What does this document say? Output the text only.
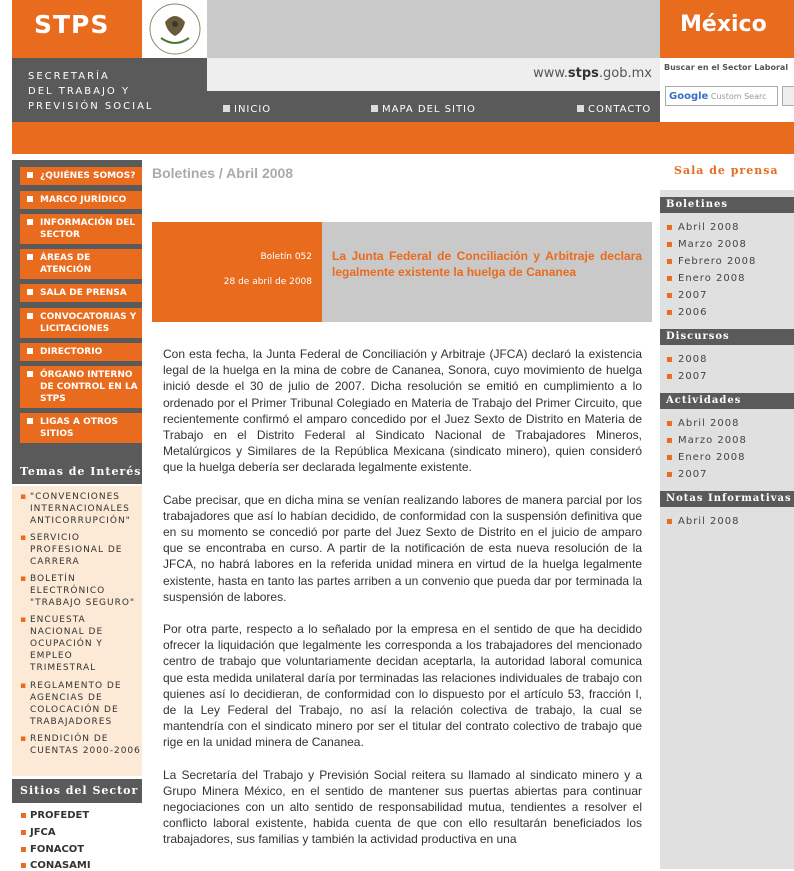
STPS	México
SECRETARÍA
DEL TRABAJO Y
PREVISIÓN SOCIAL
www.stps.gob.mx
INICIO	MAPA DEL SITIO	CONTACTO
Buscar en el Sector Laboral
Google Custom Searc
¿QUIÉNES SOMOS?
MARCO JURÍDICO
INFORMACIÓN DEL SECTOR
ÁREAS DE ATENCIÓN
SALA DE PRENSA
CONVOCATORIAS Y LICITACIONES
DIRECTORIO
ÓRGANO INTERNO DE CONTROL EN LA STPS
LIGAS A OTROS SITIOS
Temas de Interés
▪ "CONVENCIONES INTERNACIONALES ANTICORRUPCIÓN"
▪ SERVICIO PROFESIONAL DE CARRERA
▪ BOLETÍN ELECTRÓNICO "TRABAJO SEGURO"
▪ ENCUESTA NACIONAL DE OCUPACIÓN Y EMPLEO TRIMESTRAL
▪ REGLAMENTO DE AGENCIAS DE COLOCACIÓN DE TRABAJADORES
▪ RENDICIÓN DE CUENTAS 2000-2006
Sitios del Sector
▪ PROFEDET
▪ JFCA
▪ FONACOT
▪ CONASAMI
Boletines / Abril 2008
Boletín 052
28 de abril de 2008
La Junta Federal de Conciliación y Arbitraje declara legalmente existente la huelga de Cananea

Con esta fecha, la Junta Federal de Conciliación y Arbitraje (JFCA) declaró la existencia legal de la huelga en la mina de cobre de Cananea, Sonora, cuyo movimiento de huelga inició desde el 30 de julio de 2007. Dicha resolución se emitió en cumplimiento a lo ordenado por el Primer Tribunal Colegiado en Materia de Trabajo del Primer Circuito, que recientemente confirmó el amparo concedido por el Juez Sexto de Distrito en Materia de Trabajo en el Distrito Federal al Sindicato Nacional de Trabajadores Mineros, Metalúrgicos y Similares de la República Mexicana (sindicato minero), quien consideró que la huelga debería ser declarada legalmente existente.

Cabe precisar, que en dicha mina se venían realizando labores de manera parcial por los trabajadores que así lo habían decidido, de conformidad con la suspensión definitiva que en su momento se concedió por parte del Juez Sexto de Distrito en el juicio de amparo que se encontraba en curso. A partir de la notificación de esta nueva resolución de la JFCA, no habrá labores en la referida unidad minera en virtud de la huelga legalmente existente, hasta en tanto las partes arriben a un convenio que pueda dar por terminada la suspensión de labores.

Por otra parte, respecto a lo señalado por la empresa en el sentido de que ha decidido ofrecer la liquidación que legalmente les corresponda a los trabajadores del mencionado centro de trabajo que voluntariamente decidan aceptarla, la autoridad laboral comunica que esta medida unilateral daría por terminadas las relaciones individuales de trabajo con quienes así lo decidieran, de conformidad con lo dispuesto por el artículo 53, fracción I, de la Ley Federal del Trabajo, no así la relación colectiva de trabajo, la cual se mantendría con el sindicato minero por ser el titular del contrato colectivo de trabajo que rige en la unidad minera de Cananea.

La Secretaría del Trabajo y Previsión Social reitera su llamado al sindicato minero y a Grupo Minera México, en el sentido de mantener sus puertas abiertas para continuar negociaciones con un alto sentido de responsabilidad mutua, tendientes a resolver el conflicto laboral existente, habida cuenta de que con ello resultarán beneficiados los trabajadores, sus familias y también la actividad productiva en una

Sala de prensa
Boletines
▪ Abril 2008
▪ Marzo 2008
▪ Febrero 2008
▪ Enero 2008
▪ 2007
▪ 2006
Discursos
▪ 2008
▪ 2007
Actividades
▪ Abril 2008
▪ Marzo 2008
▪ Enero 2008
▪ 2007
Notas Informativas
▪ Abril 2008
